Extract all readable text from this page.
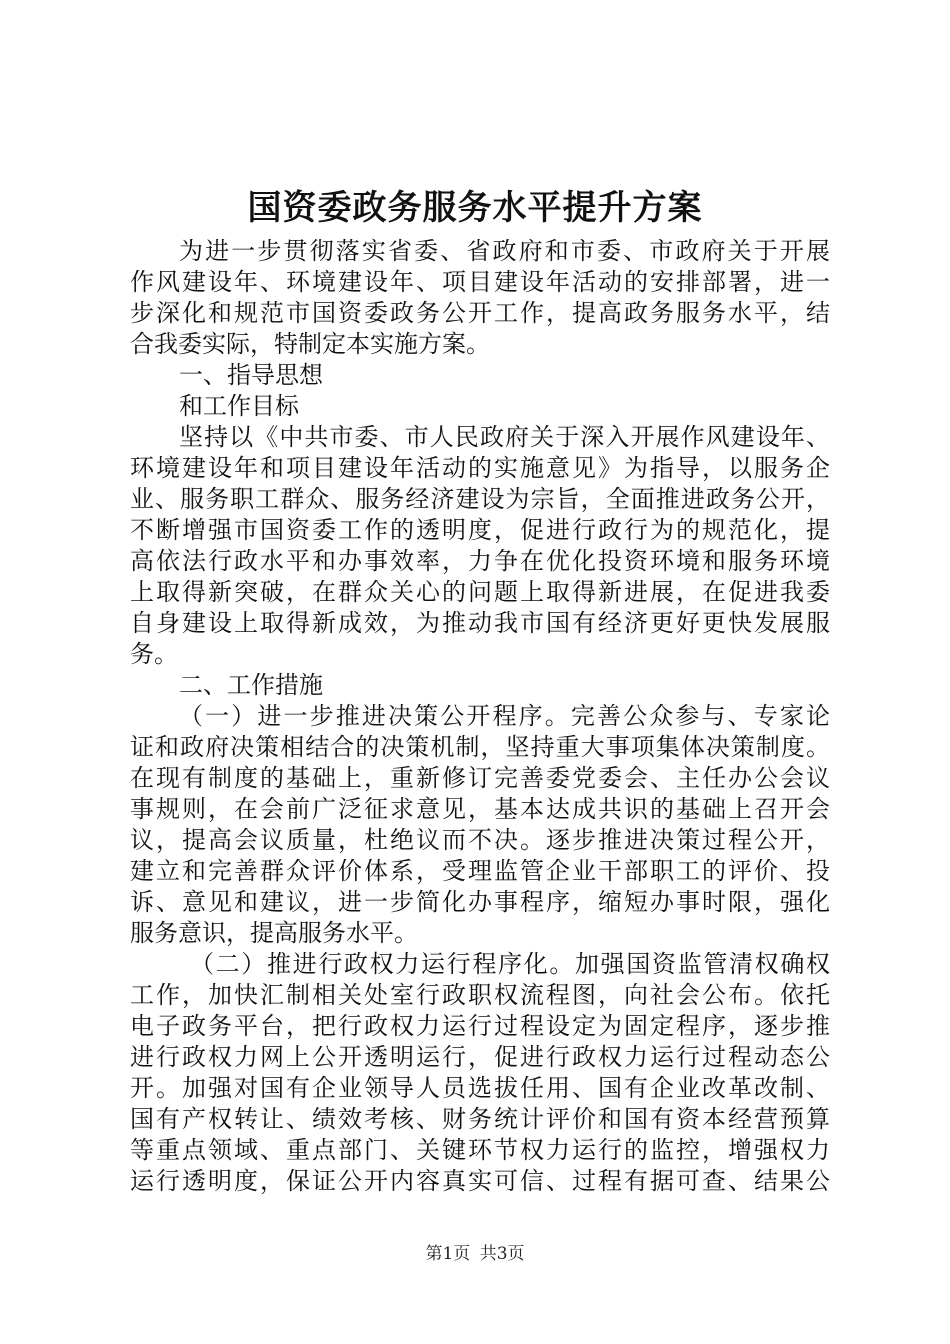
国资委政务服务水平提升方案
为进一步贯彻落实省委、省政府和市委、市政府关于开展
作风建设年、环境建设年、项目建设年活动的安排部署，进一
步深化和规范市国资委政务公开工作，提高政务服务水平，结
合我委实际，特制定本实施方案。
一、指导思想
和工作目标
坚持以《中共市委、市人民政府关于深入开展作风建设年、
环境建设年和项目建设年活动的实施意见》为指导，以服务企
业、服务职工群众、服务经济建设为宗旨，全面推进政务公开，
不断增强市国资委工作的透明度，促进行政行为的规范化，提
高依法行政水平和办事效率，力争在优化投资环境和服务环境
上取得新突破，在群众关心的问题上取得新进展，在促进我委
自身建设上取得新成效，为推动我市国有经济更好更快发展服
务。
二、工作措施
（一）进一步推进决策公开程序。完善公众参与、专家论
证和政府决策相结合的决策机制，坚持重大事项集体决策制度。
在现有制度的基础上，重新修订完善委党委会、主任办公会议
事规则，在会前广泛征求意见，基本达成共识的基础上召开会
议，提高会议质量，杜绝议而不决。逐步推进决策过程公开，
建立和完善群众评价体系，受理监管企业干部职工的评价、投
诉、意见和建议，进一步简化办事程序，缩短办事时限，强化
服务意识，提高服务水平。
（二）推进行政权力运行程序化。加强国资监管清权确权
工作，加快汇制相关处室行政职权流程图，向社会公布。依托
电子政务平台，把行政权力运行过程设定为固定程序，逐步推
进行政权力网上公开透明运行，促进行政权力运行过程动态公
开。加强对国有企业领导人员选拔任用、国有企业改革改制、
国有产权转让、绩效考核、财务统计评价和国有资本经营预算
等重点领域、重点部门、关键环节权力运行的监控，增强权力
运行透明度，保证公开内容真实可信、过程有据可查、结果公
第1页 共3页
